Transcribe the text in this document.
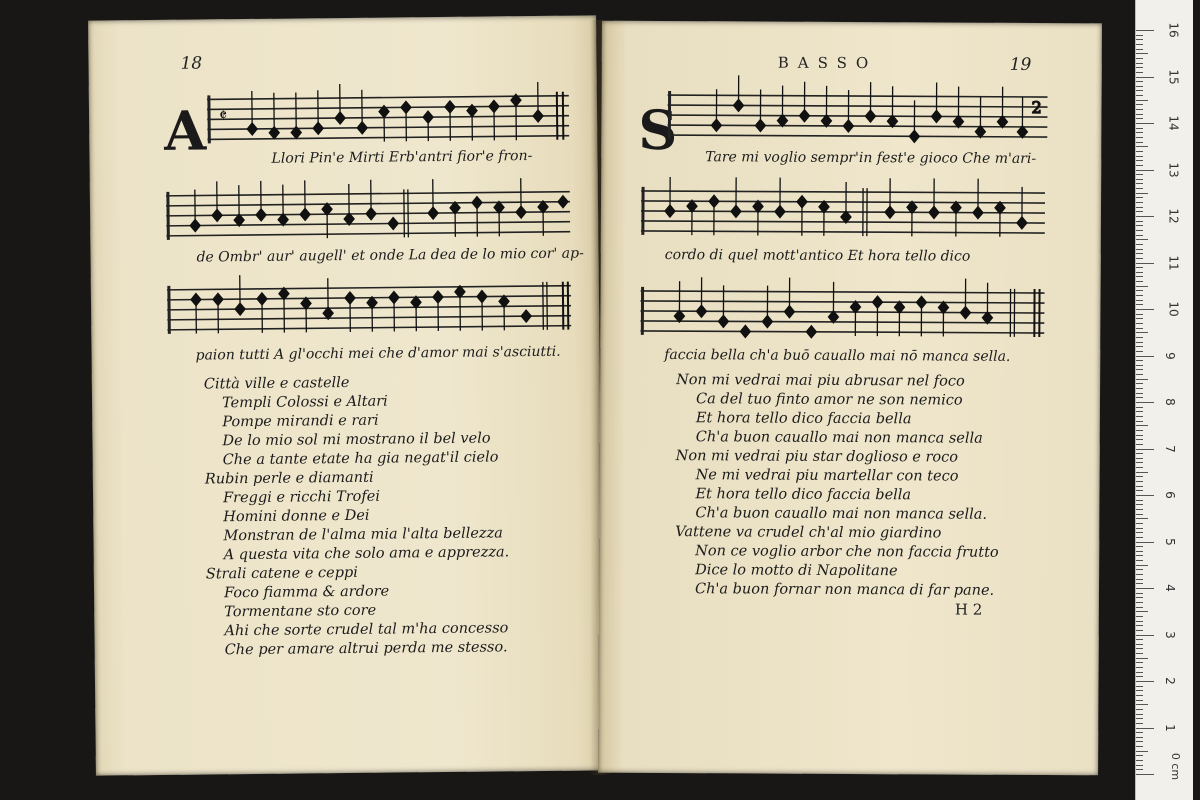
18
A 𝄵
Llori Pin'e Mirti Erb'antri fior'e fron-
de Ombr' aur' augell' et onde La dea de lo mio cor' ap-
paion tutti A gl'occhi mei che d'amor mai s'asciutti.
Città ville e castelle
Templi Colossi e Altari
Pompe mirandi e rari
De lo mio sol mi mostrano il bel velo
Che a tante etate ha gia negat'il cielo
Rubin perle e diamanti
Freggi e ricchi Trofei
Homini donne e Dei
Monstran de l'alma mia l'alta bellezza
A questa vita che solo ama e apprezza.
Strali catene e ceppi
Foco fiamma & ardore
Tormentane sto core
Ahi che sorte crudel tal m'ha concesso
Che per amare altrui perda me stesso.
BASSO	19
S	2
Tare mi voglio sempr'in fest'e gioco Che m'ari-
cordo di quel mott'antico Et hora tello dico
faccia bella ch'a buō cauallo mai nō manca sella.
Non mi vedrai mai piu abrusar nel foco
Ca del tuo finto amor ne son nemico
Et hora tello dico faccia bella
Ch'a buon cauallo mai non manca sella
Non mi vedrai piu star doglioso e roco
Ne mi vedrai piu martellar con teco
Et hora tello dico faccia bella
Ch'a buon cauallo mai non manca sella.
Vattene va crudel ch'al mio giardino
Non ce voglio arbor che non faccia frutto
Dice lo motto di Napolitane
Ch'a buon fornar non manca di far pane.
H 2
0 cm
16
15
14
13
12
11
10
9
8
7
6
5
4
3
2
1
